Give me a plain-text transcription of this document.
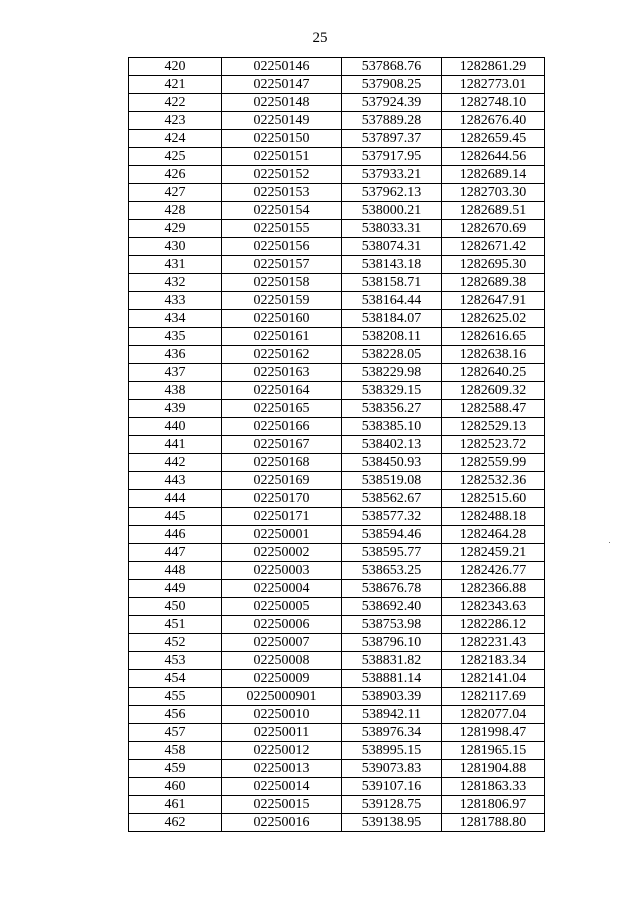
25
420	02250146	537868.76	1282861.29
421	02250147	537908.25	1282773.01
422	02250148	537924.39	1282748.10
423	02250149	537889.28	1282676.40
424	02250150	537897.37	1282659.45
425	02250151	537917.95	1282644.56
426	02250152	537933.21	1282689.14
427	02250153	537962.13	1282703.30
428	02250154	538000.21	1282689.51
429	02250155	538033.31	1282670.69
430	02250156	538074.31	1282671.42
431	02250157	538143.18	1282695.30
432	02250158	538158.71	1282689.38
433	02250159	538164.44	1282647.91
434	02250160	538184.07	1282625.02
435	02250161	538208.11	1282616.65
436	02250162	538228.05	1282638.16
437	02250163	538229.98	1282640.25
438	02250164	538329.15	1282609.32
439	02250165	538356.27	1282588.47
440	02250166	538385.10	1282529.13
441	02250167	538402.13	1282523.72
442	02250168	538450.93	1282559.99
443	02250169	538519.08	1282532.36
444	02250170	538562.67	1282515.60
445	02250171	538577.32	1282488.18
446	02250001	538594.46	1282464.28
447	02250002	538595.77	1282459.21
448	02250003	538653.25	1282426.77
449	02250004	538676.78	1282366.88
450	02250005	538692.40	1282343.63
451	02250006	538753.98	1282286.12
452	02250007	538796.10	1282231.43
453	02250008	538831.82	1282183.34
454	02250009	538881.14	1282141.04
455	0225000901	538903.39	1282117.69
456	02250010	538942.11	1282077.04
457	02250011	538976.34	1281998.47
458	02250012	538995.15	1281965.15
459	02250013	539073.83	1281904.88
460	02250014	539107.16	1281863.33
461	02250015	539128.75	1281806.97
462	02250016	539138.95	1281788.80
